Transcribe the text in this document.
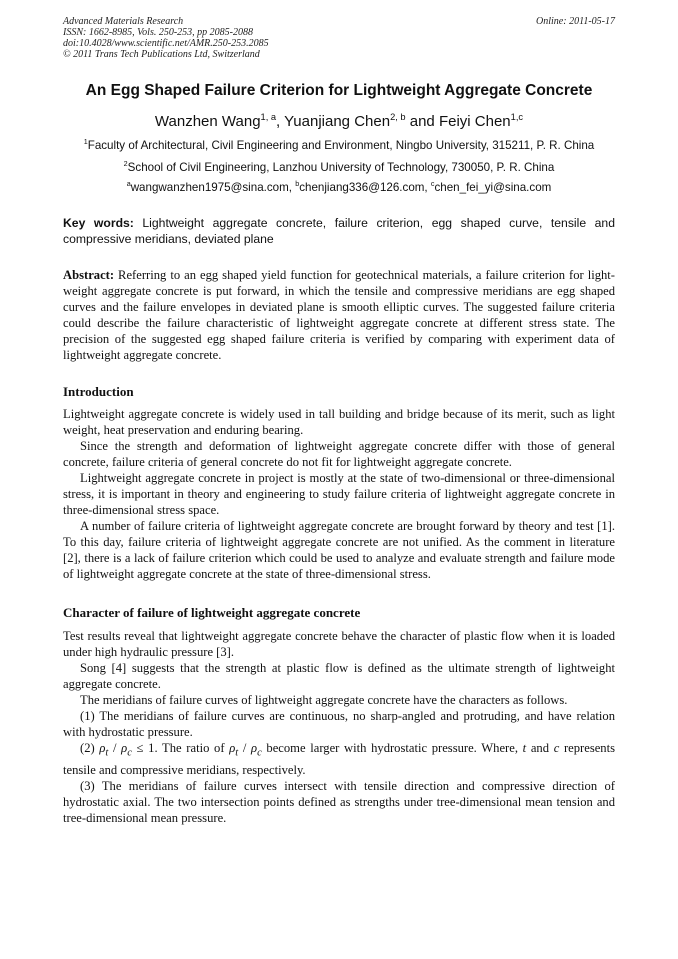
Advanced Materials Research
ISSN: 1662-8985, Vols. 250-253, pp 2085-2088
doi:10.4028/www.scientific.net/AMR.250-253.2085
© 2011 Trans Tech Publications Ltd, Switzerland
Online: 2011-05-17
An Egg Shaped Failure Criterion for Lightweight Aggregate Concrete
Wanzhen Wang$^{1, a}$, Yuanjiang Chen$^{2, b}$ and Feiyi Chen$^{1,c}$
$^1$Faculty of Architectural, Civil Engineering and Environment, Ningbo University, 315211, P. R. China
$^2$School of Civil Engineering, Lanzhou University of Technology, 730050, P. R. China
$^a$wangwanzhen1975@sina.com, $^b$chenjiang336@126.com, $^c$chen_fei_yi@sina.com
Key words: Lightweight aggregate concrete, failure criterion, egg shaped curve, tensile and compressive meridians, deviated plane

Abstract: Referring to an egg shaped yield function for geotechnical materials, a failure criterion for light-weight aggregate concrete is put forward, in which the tensile and compressive meridians are egg shaped curves and the failure envelopes in deviated plane is smooth elliptic curves. The suggested failure criteria could describe the failure characteristic of lightweight aggregate concrete at different stress state. The precision of the suggested egg shaped failure criteria is verified by comparing with experiment data of lightweight aggregate concrete.

Introduction

Lightweight aggregate concrete is widely used in tall building and bridge because of its merit, such as light weight, heat preservation and enduring bearing.

Since the strength and deformation of lightweight aggregate concrete differ with those of general concrete, failure criteria of general concrete do not fit for lightweight aggregate concrete.

Lightweight aggregate concrete in project is mostly at the state of two-dimensional or three-dimensional stress, it is important in theory and engineering to study failure criteria of lightweight aggregate concrete in three-dimensional stress space.

A number of failure criteria of lightweight aggregate concrete are brought forward by theory and test [1]. To this day, failure criteria of lightweight aggregate concrete are not unified. As the comment in literature [2], there is a lack of failure criterion which could be used to analyze and evaluate strength and failure mode of lightweight aggregate concrete at the state of three-dimensional stress.

Character of failure of lightweight aggregate concrete

Test results reveal that lightweight aggregate concrete behave the character of plastic flow when it is loaded under high hydraulic pressure [3].

Song [4] suggests that the strength at plastic flow is defined as the ultimate strength of lightweight aggregate concrete.

The meridians of failure curves of lightweight aggregate concrete have the characters as follows.

(1) The meridians of failure curves are continuous, no sharp-angled and protruding, and have relation with hydrostatic pressure.

(2) $\rho_t / \rho_c \le 1$. The ratio of $\rho_t / \rho_c$ become larger with hydrostatic pressure. Where, t and c represents tensile and compressive meridians, respectively.

(3) The meridians of failure curves intersect with tensile direction and compressive direction of hydrostatic axial. The two intersection points defined as strengths under tree-dimensional mean tension and tree-dimensional mean pressure.
